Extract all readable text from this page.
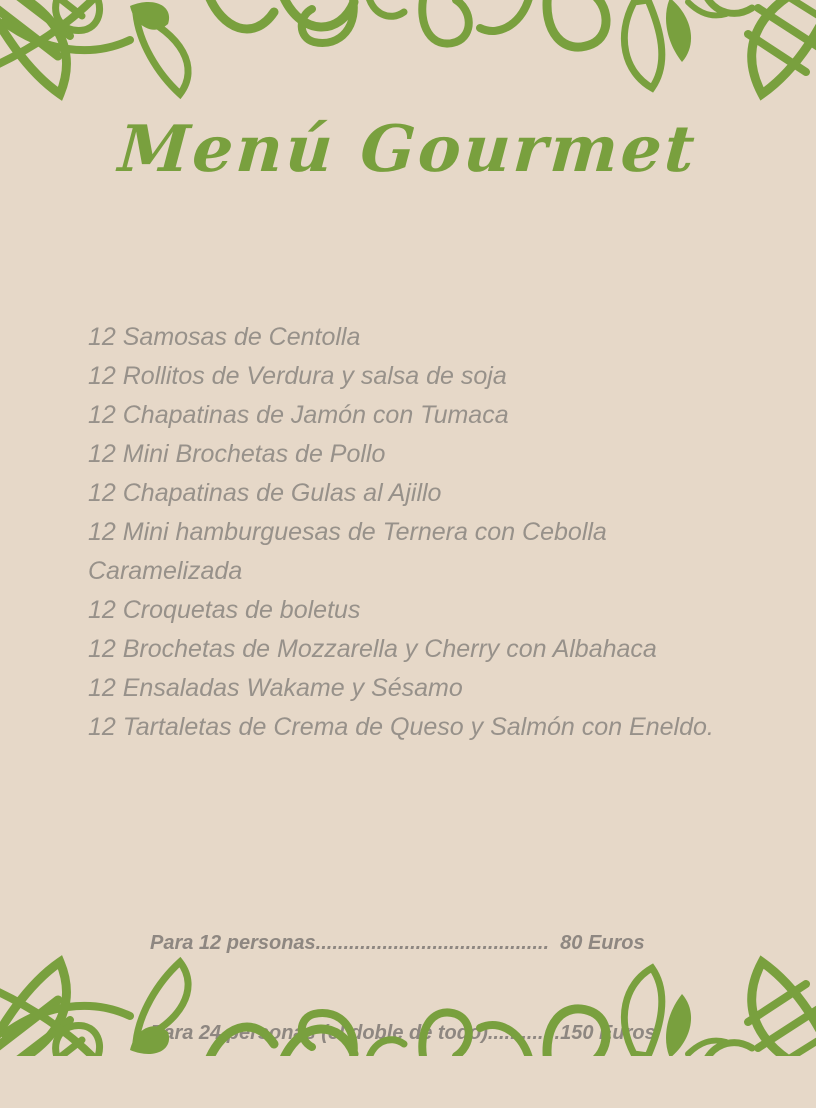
Menú Gourmet
12 Samosas de Centolla
12 Rollitos de Verdura y salsa de soja
12 Chapatinas de Jamón con Tumaca
12 Mini Brochetas de Pollo
12 Chapatinas de Gulas al Ajillo
12 Mini hamburguesas de Ternera con Cebolla Caramelizada
12 Croquetas de boletus
12 Brochetas de Mozzarella y Cherry con Albahaca
12 Ensaladas Wakame y Sésamo
12 Tartaletas de Crema de Queso y Salmón con Eneldo.

Para 12 personas..........................................  80 Euros

Para 24 personas (el doble de todo).............150 Euros
